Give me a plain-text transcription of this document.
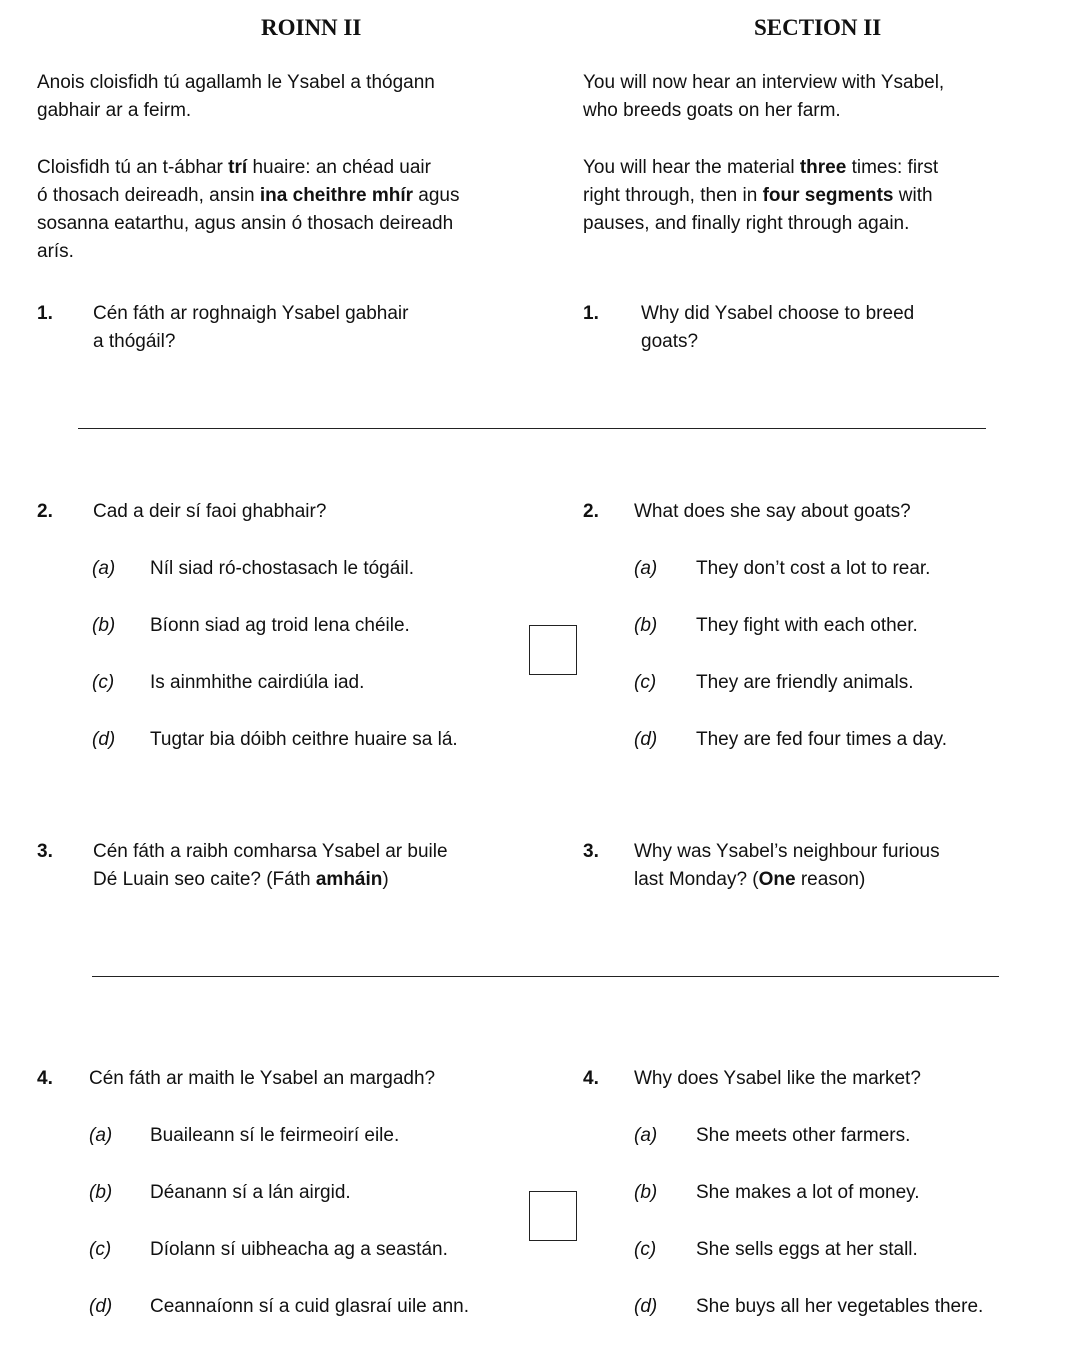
ROINN II	SECTION II
Anois cloisfidh tú agallamh le Ysabel a thógann
gabhair ar a feirm.
You will now hear an interview with Ysabel,
who breeds goats on her farm.
Cloisfidh tú an t-ábhar trí huaire: an chéad uair
ó thosach deireadh, ansin ina cheithre mhír agus
sosanna eatarthu, agus ansin ó thosach deireadh
arís.
You will hear the material three times: first
right through, then in four segments with
pauses, and finally right through again.
1. Cén fáth ar roghnaigh Ysabel gabhair
a thógáil?
1. Why did Ysabel choose to breed
goats?
2. Cad a deir sí faoi ghabhair?	2. What does she say about goats?
(a) Níl siad ró-chostasach le tógáil.	(a) They don’t cost a lot to rear.
(b) Bíonn siad ag troid lena chéile.	(b) They fight with each other.
(c) Is ainmhithe cairdiúla iad.	(c) They are friendly animals.
(d) Tugtar bia dóibh ceithre huaire sa lá.	(d) They are fed four times a day.
3. Cén fáth a raibh comharsa Ysabel ar buile
Dé Luain seo caite? (Fáth amháin)
3. Why was Ysabel’s neighbour furious
last Monday? (One reason)
4. Cén fáth ar maith le Ysabel an margadh?	4. Why does Ysabel like the market?
(a) Buaileann sí le feirmeoirí eile.	(a) She meets other farmers.
(b) Déanann sí a lán airgid.	(b) She makes a lot of money.
(c) Díolann sí uibheacha ag a seastán.	(c) She sells eggs at her stall.
(d) Ceannaíonn sí a cuid glasraí uile ann.	(d) She buys all her vegetables there.
